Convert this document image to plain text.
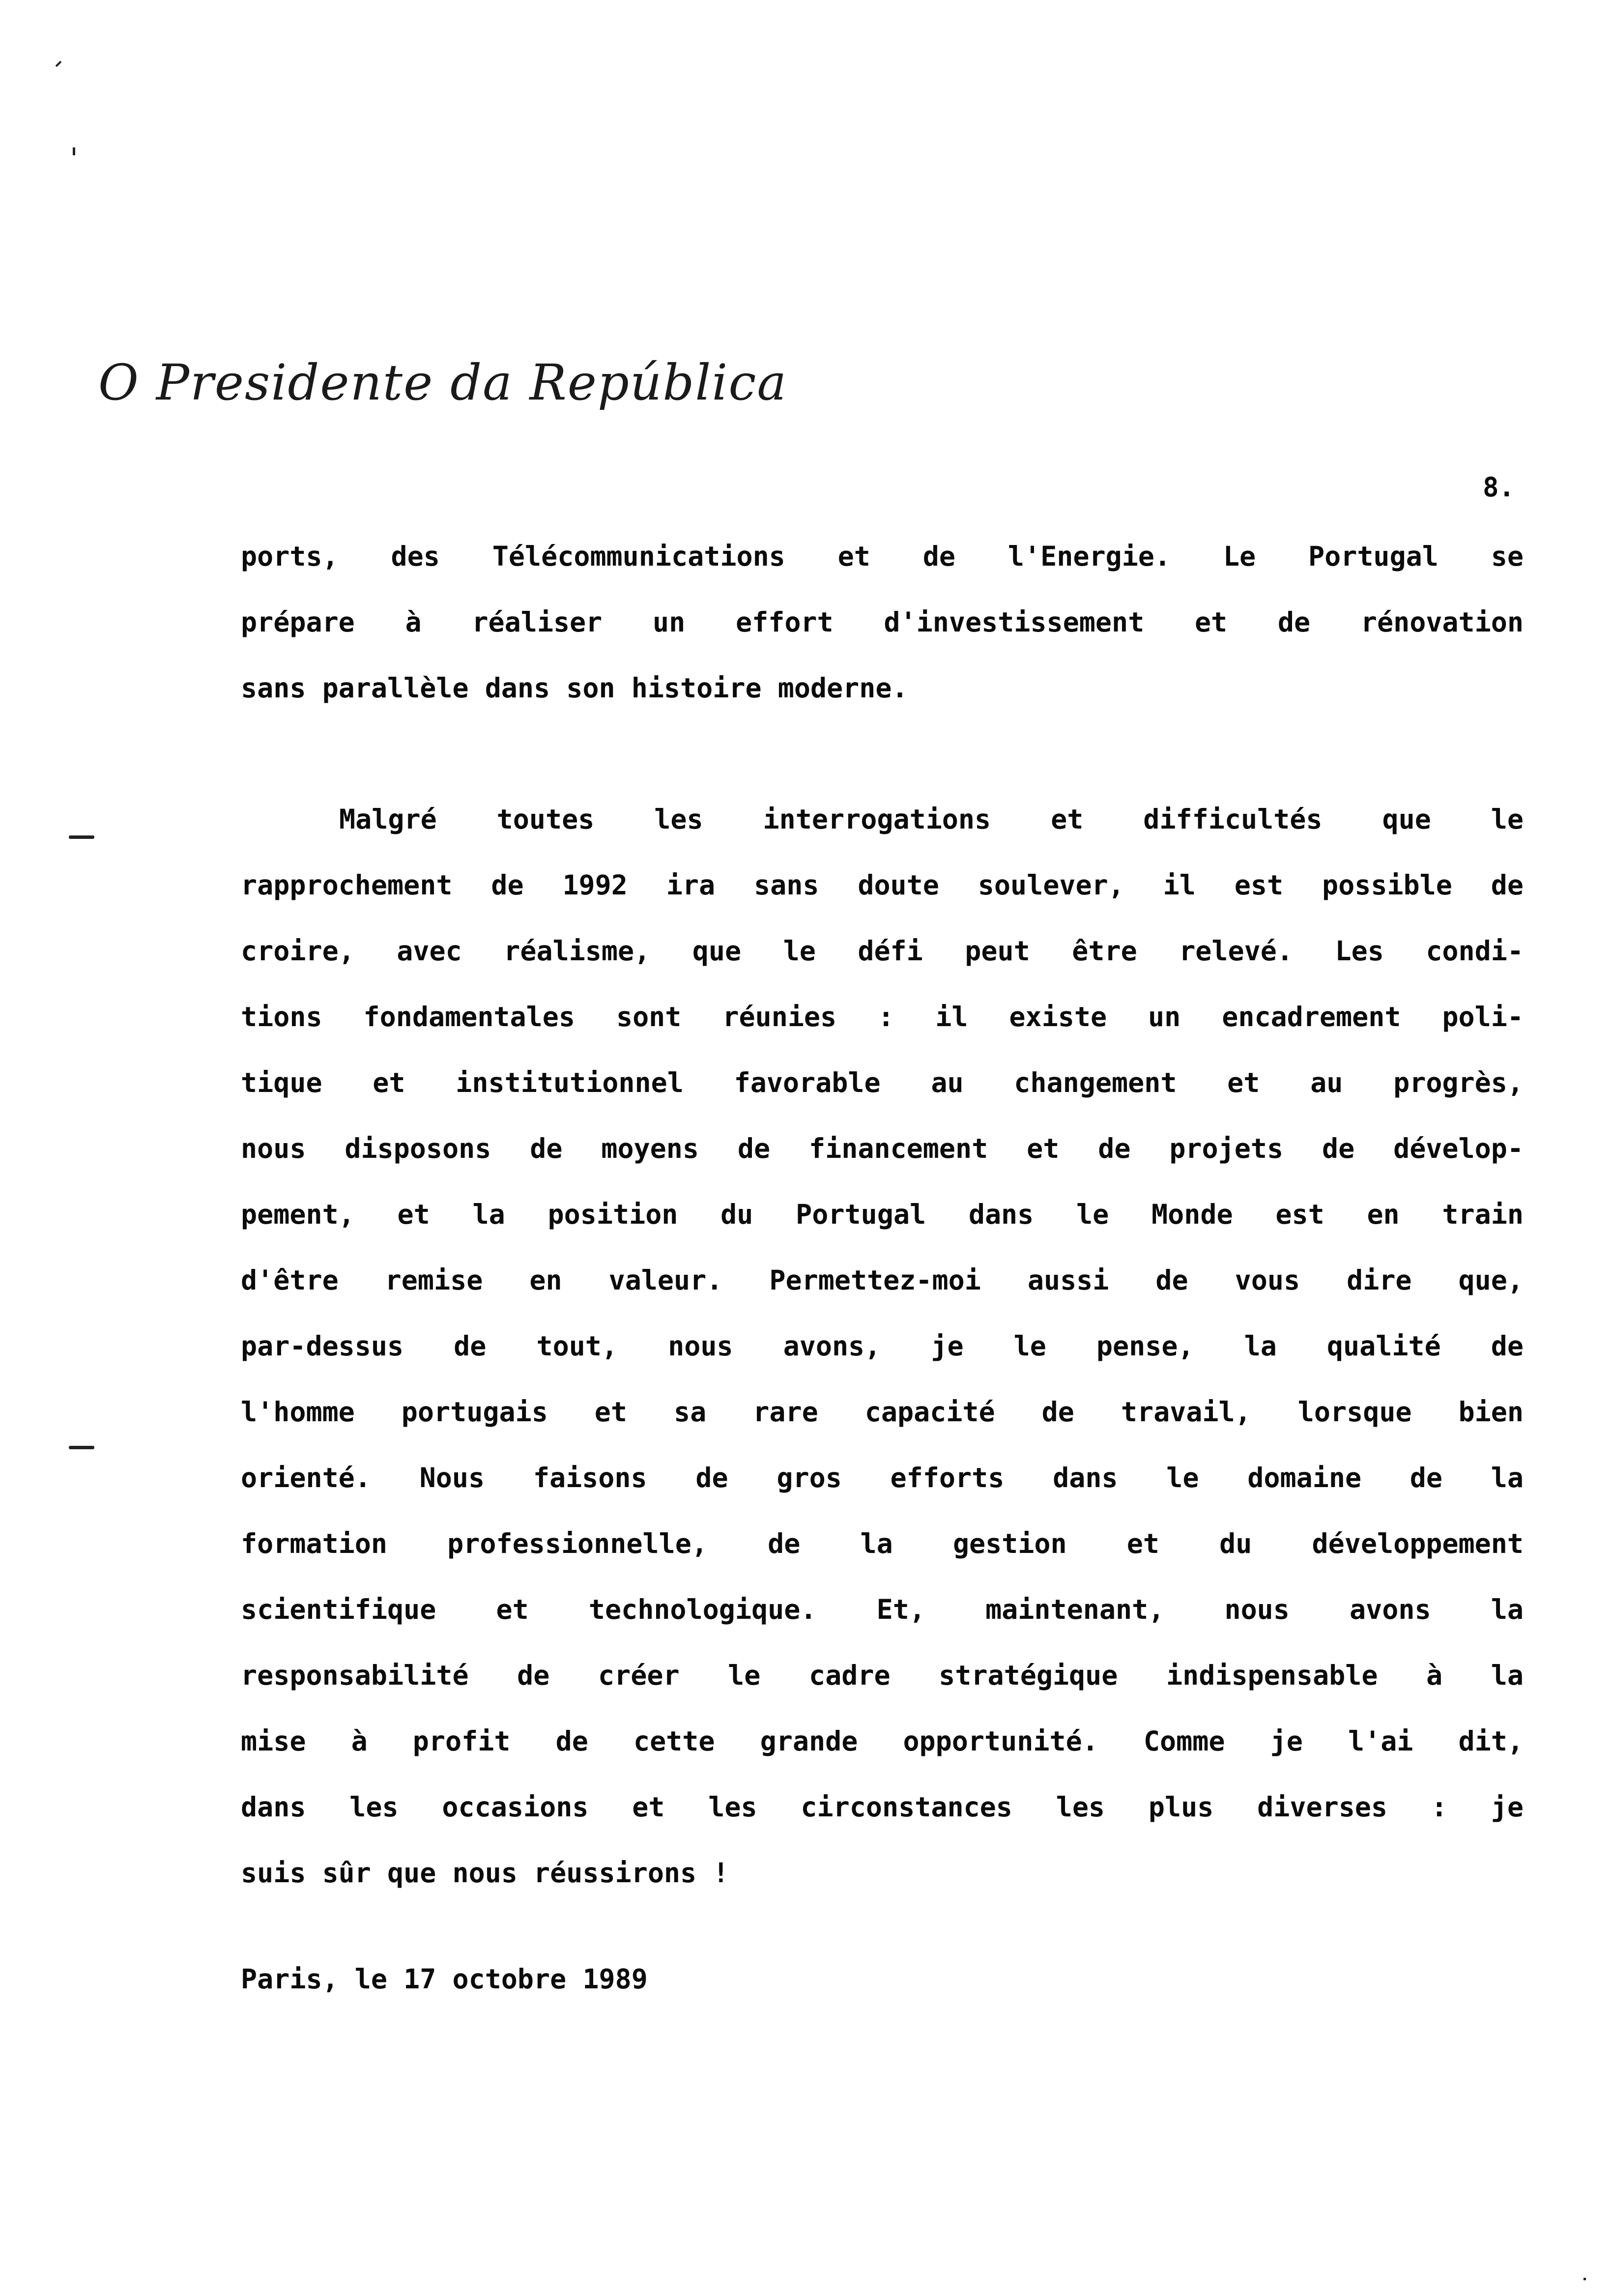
O Presidente da República
8.
ports, des Télécommunications et de l'Energie. Le Portugal se
prépare à réaliser un effort d'investissement et de rénovation
sans parallèle dans son histoire moderne.
Malgré toutes les interrogations et difficultés que le
rapprochement de 1992 ira sans doute soulever, il est possible de
croire, avec réalisme, que le défi peut être relevé. Les condi-
tions fondamentales sont réunies : il existe un encadrement poli-
tique et institutionnel favorable au changement et au progrès,
nous disposons de moyens de financement et de projets de dévelop-
pement, et la position du Portugal dans le Monde est en train
d'être remise en valeur. Permettez-moi aussi de vous dire que,
par-dessus de tout, nous avons, je le pense, la qualité de
l'homme portugais et sa rare capacité de travail, lorsque bien
orienté. Nous faisons de gros efforts dans le domaine de la
formation professionnelle, de la gestion et du développement
scientifique et technologique. Et, maintenant, nous avons la
responsabilité de créer le cadre stratégique indispensable à la
mise à profit de cette grande opportunité. Comme je l'ai dit,
dans les occasions et les circonstances les plus diverses : je
suis sûr que nous réussirons !
Paris, le 17 octobre 1989
